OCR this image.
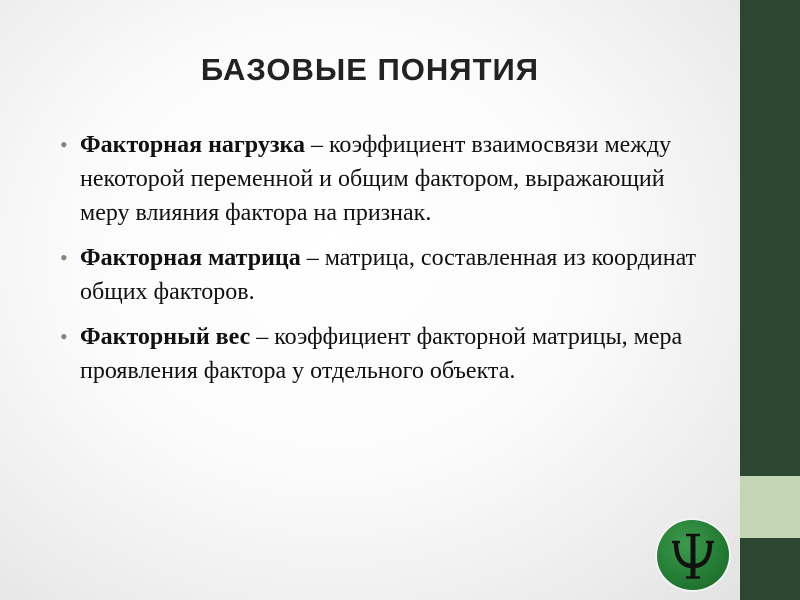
БАЗОВЫЕ ПОНЯТИЯ
• Факторная нагрузка – коэффициент взаимосвязи между некоторой переменной и общим фактором, выражающий меру влияния фактора на признак.
• Факторная матрица – матрица, составленная из координат общих факторов.
• Факторный вес – коэффициент факторной матрицы, мера проявления фактора у отдельного объекта.
